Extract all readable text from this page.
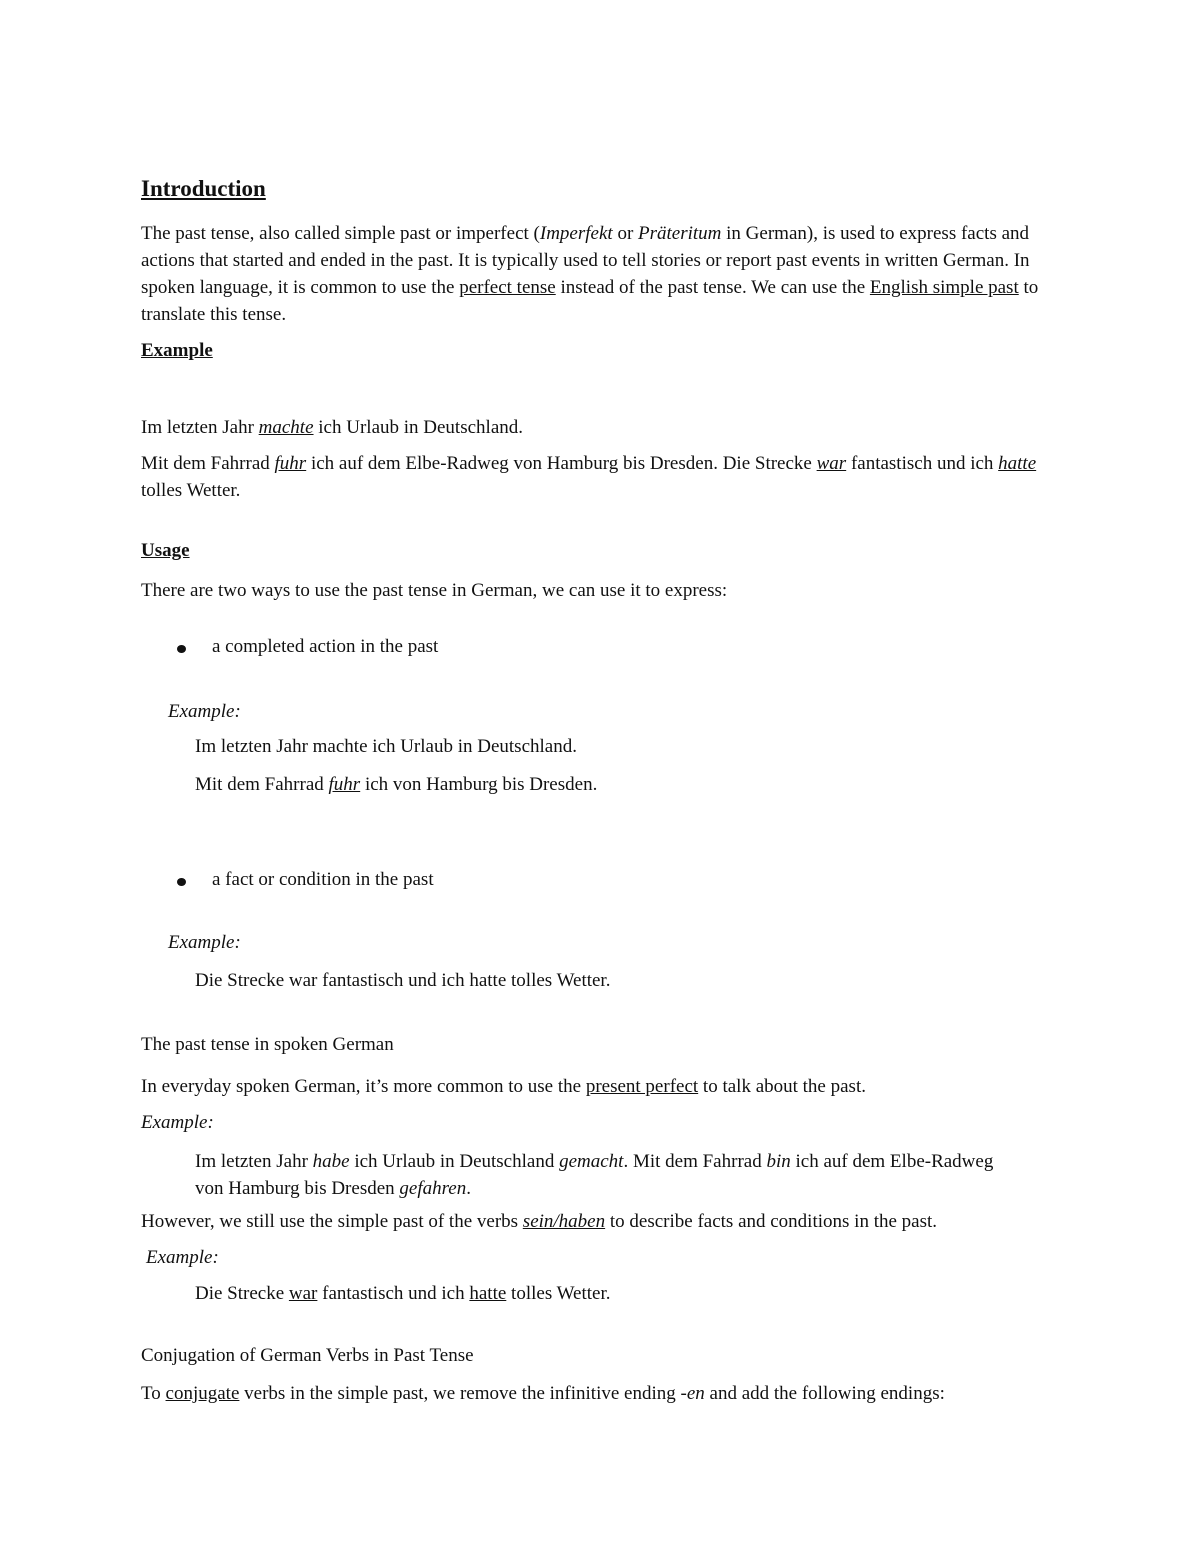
Introduction

The past tense, also called simple past or imperfect (Imperfekt or Präteritum in German), is used to express facts and actions that started and ended in the past. It is typically used to tell stories or report past events in written German. In spoken language, it is common to use the perfect tense instead of the past tense. We can use the English simple past to translate this tense.

Example
Im letzten Jahr machte ich Urlaub in Deutschland.

Mit dem Fahrrad fuhr ich auf dem Elbe-Radweg von Hamburg bis Dresden. Die Strecke war fantastisch und ich hatte tolles Wetter.

Usage
There are two ways to use the past tense in German, we can use it to express:
a completed action in the past
Example:
Im letzten Jahr machte ich Urlaub in Deutschland.
Mit dem Fahrrad fuhr ich von Hamburg bis Dresden.
a fact or condition in the past
Example:
Die Strecke war fantastisch und ich hatte tolles Wetter.
The past tense in spoken German
In everyday spoken German, it’s more common to use the present perfect to talk about the past.
Example:

Im letzten Jahr habe ich Urlaub in Deutschland gemacht. Mit dem Fahrrad bin ich auf dem Elbe-Radweg von Hamburg bis Dresden gefahren.

However, we still use the simple past of the verbs sein/haben to describe facts and conditions in the past.
Example:
Die Strecke war fantastisch und ich hatte tolles Wetter.
Conjugation of German Verbs in Past Tense
To conjugate verbs in the simple past, we remove the infinitive ending -en and add the following endings:
